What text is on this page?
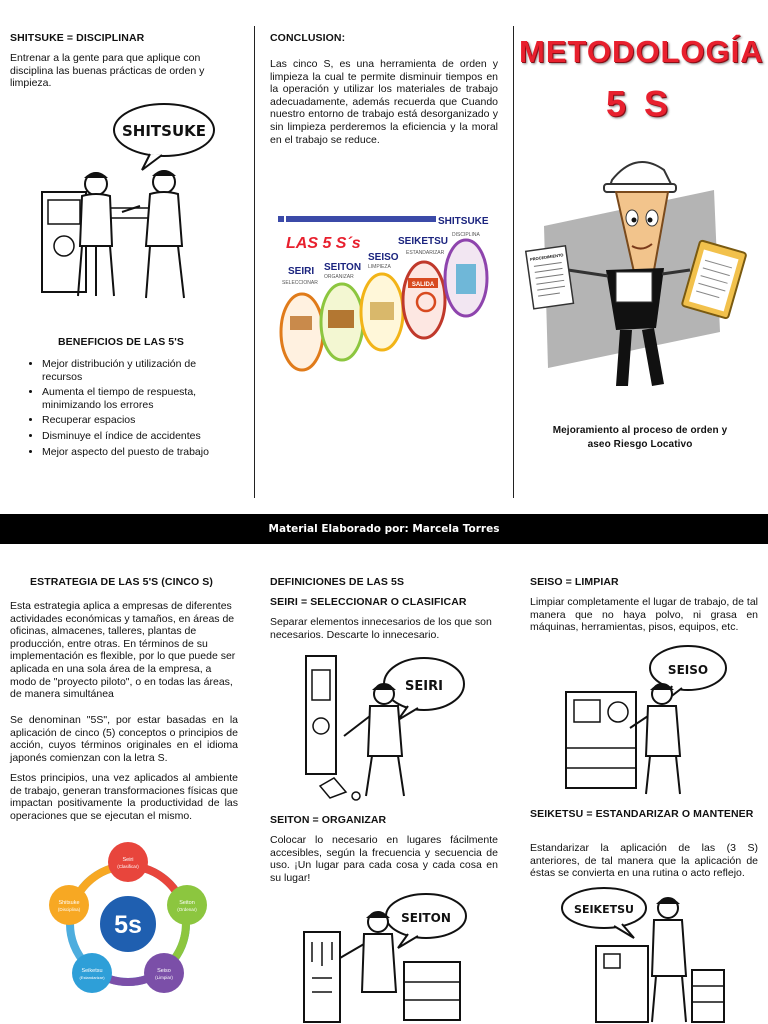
SHITSUKE = DISCIPLINAR
Entrenar a la gente para que aplique con disciplina las buenas prácticas de orden y limpieza.
SHITSUKE
BENEFICIOS DE LAS 5'S
• Mejor distribución y utilización de recursos
• Aumenta el tiempo de respuesta, minimizando los errores
• Recuperar espacios
• Disminuye el índice de accidentes
• Mejor aspecto del puesto de trabajo
CONCLUSION:
Las cinco S, es una herramienta de orden y limpieza la cual te permite disminuir tiempos en la operación y utilizar los materiales de trabajo adecuadamente, además recuerda que Cuando nuestro entorno de trabajo está desorganizado y sin limpieza perderemos la eficiencia y la moral en el trabajo se reduce.
LAS 5 S´s
SEIRI SEITON
SEISO
SEIKETSU
SHITSUKE
SELECCIONAR
ORGANIZAR
LIMPIEZA
ESTANDARIZAR
DISCIPLINA
SALIDA
METODOLOGÍA
5 S
PROCEDIMIENTO
Mejoramiento al proceso de orden y aseo Riesgo Locativo
Material Elaborado por: Marcela Torres
ESTRATEGIA DE LAS 5'S (CINCO S)
Esta estrategia aplica a empresas de diferentes actividades económicas y tamaños, en áreas de oficinas, almacenes, talleres, plantas de producción, entre otras. En términos de su implementación es flexible, por lo que puede ser aplicada en una sola área de la empresa, a modo de "proyecto piloto", o en todas las áreas, de manera simultánea
Se denominan "5S", por estar basadas en la aplicación de cinco (5) conceptos o principios de acción, cuyos términos originales en el idioma japonés comienzan con la letra S.
Estos principios, una vez aplicados al ambiente de trabajo, generan transformaciones físicas que impactan positivamente la productividad de las operaciones que se ejecutan el mismo.
5s
Seiri
(Clasificar)
Seiton
(Ordenar)
Seiso
(Limpiar)
Seiketsu
(Estandarizar)
Shitsuke
(Disciplina)
DEFINICIONES DE LAS 5S
SEIRI = SELECCIONAR O CLASIFICAR
Separar elementos innecesarios de los que son necesarios. Descarte lo innecesario.
SEIRI
SEITON = ORGANIZAR
Colocar lo necesario en lugares fácilmente accesibles, según la frecuencia y secuencia de uso. ¡Un lugar para cada cosa y cada cosa en su lugar!
SEITON
SEISO = LIMPIAR
Limpiar completamente el lugar de trabajo, de tal manera que no haya polvo, ni grasa en máquinas, herramientas, pisos, equipos, etc.
SEISO
SEIKETSU = ESTANDARIZAR O MANTENER
Estandarizar la aplicación de las (3 S) anteriores, de tal manera que la aplicación de éstas se convierta en una rutina o acto reflejo.
SEIKETSU
